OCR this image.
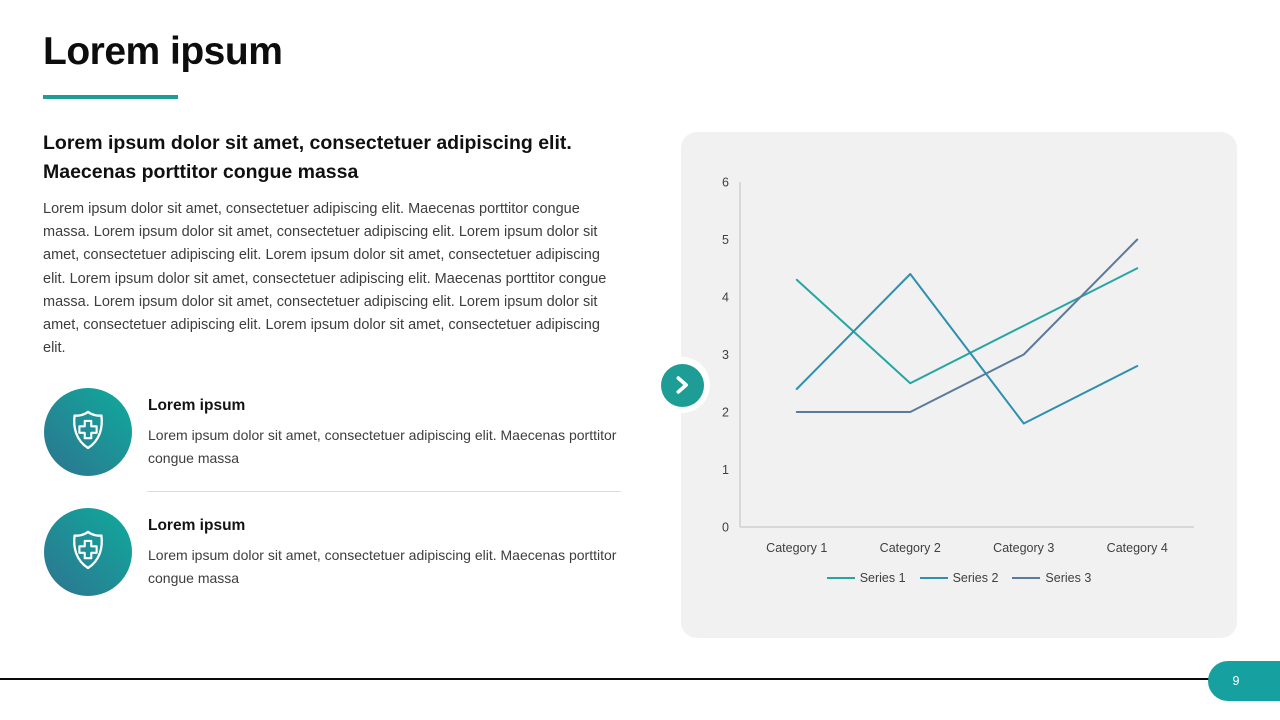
Lorem ipsum
Lorem ipsum dolor sit amet, consectetuer adipiscing elit. Maecenas porttitor congue massa

Lorem ipsum dolor sit amet, consectetuer adipiscing elit. Maecenas porttitor congue massa. Lorem ipsum dolor sit amet, consectetuer adipiscing elit. Lorem ipsum dolor sit amet, consectetuer adipiscing elit. Lorem ipsum dolor sit amet, consectetuer adipiscing elit. Lorem ipsum dolor sit amet, consectetuer adipiscing elit. Maecenas porttitor congue massa. Lorem ipsum dolor sit amet, consectetuer adipiscing elit. Lorem ipsum dolor sit amet, consectetuer adipiscing elit. Lorem ipsum dolor sit amet, consectetuer adipiscing elit.

Lorem ipsum

Lorem ipsum dolor sit amet, consectetuer adipiscing elit. Maecenas porttitor congue massa

Lorem ipsum

Lorem ipsum dolor sit amet, consectetuer adipiscing elit. Maecenas porttitor congue massa

0
1
2
3
4
5
6
Category 1	Category 2	Category 3	Category 4
Series 1	Series 2	Series 3
9
